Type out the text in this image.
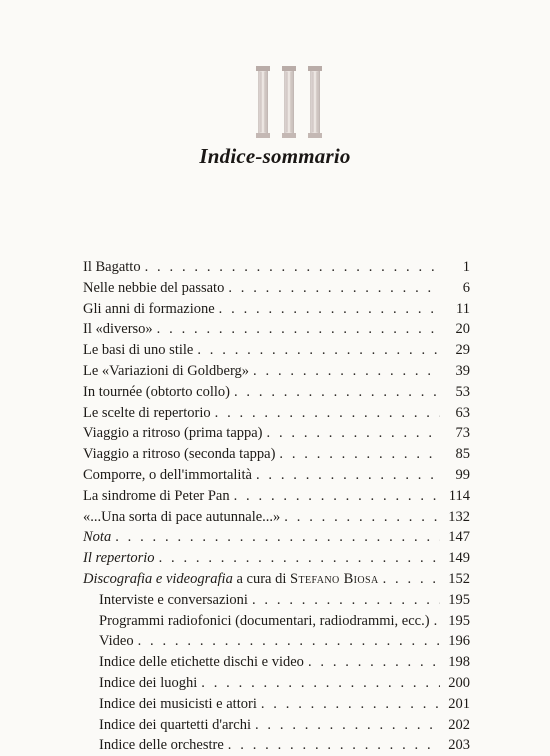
Indice-sommario
Il Bagatto . . .	1
Nelle nebbie del passato . . .	6
Gli anni di formazione . . .	11
Il «diverso» . . .	20
Le basi di uno stile . . .	29
Le «Variazioni di Goldberg» . . .	39
In tournée (obtorto collo) . . .	53
Le scelte di repertorio . . .	63
Viaggio a ritroso (prima tappa) . . .	73
Viaggio a ritroso (seconda tappa) . . .	85
Comporre, o dell'immortalità . . .	99
La sindrome di Peter Pan . . .	114
«...Una sorta di pace autunnale...» . . .	132
Nota . . .	147
Il repertorio . . .	149
Discografia e videografia a cura di Stefano Biosa . . .	152
Interviste e conversazioni . . .	195
Programmi radiofonici (documentari, radiodrammi, ecc.) . . . 195
Video . . .	196
Indice delle etichette dischi e video . . .	198
Indice dei luoghi . . .	200
Indice dei musicisti e attori . . .	201
Indice dei quartetti d'archi . . .	202
Indice delle orchestre . . .	203
